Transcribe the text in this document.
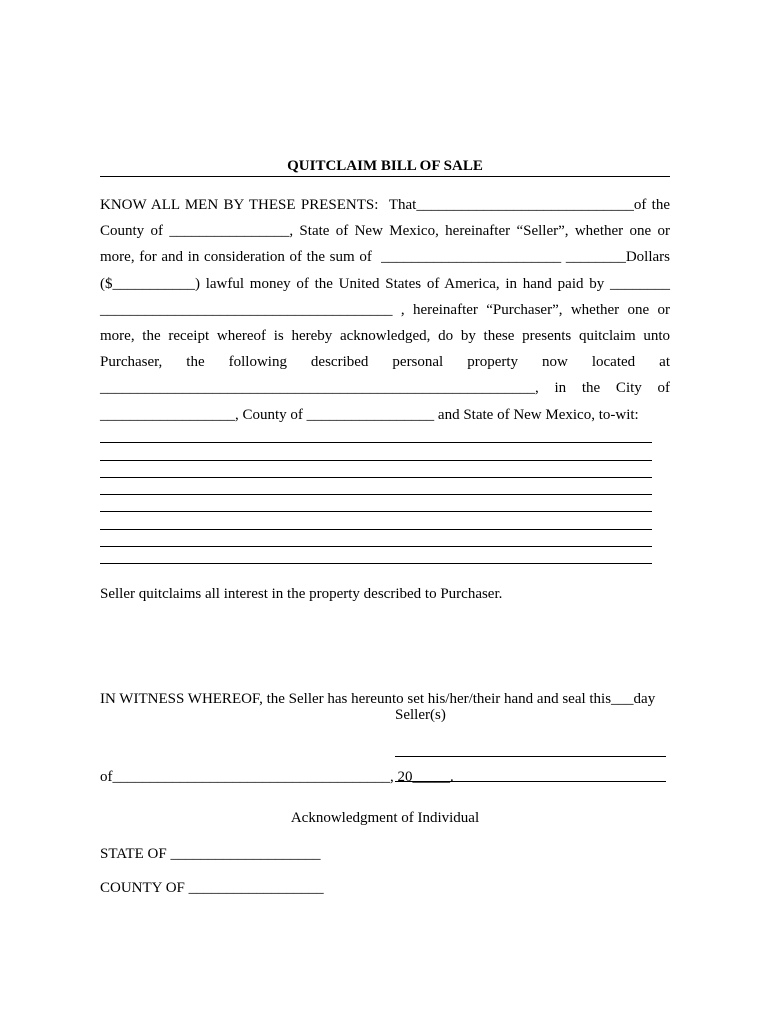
QUITCLAIM BILL OF SALE
KNOW ALL MEN BY THESE PRESENTS:  That_____________________________of the
County of ________________, State of New Mexico, hereinafter “Seller”, whether one or
more, for and in consideration of the sum of  ________________________ ________Dollars
($___________) lawful money of the United States of America, in hand paid by ________
_______________________________________ , hereinafter “Purchaser”, whether one or
more, the receipt whereof is hereby acknowledged, do by these presents quitclaim unto
Purchaser, the following described personal property now located at
__________________________________________________________, in the City of
__________________, County of _________________ and State of New Mexico, to-wit:
Seller quitclaims all interest in the property described to Purchaser.

IN WITNESS WHEREOF, the Seller has hereunto set his/her/their hand and seal this___day

of_____________________________________, 20_____.

Seller(s)
Acknowledgment of Individual
STATE OF ____________________
COUNTY OF __________________
